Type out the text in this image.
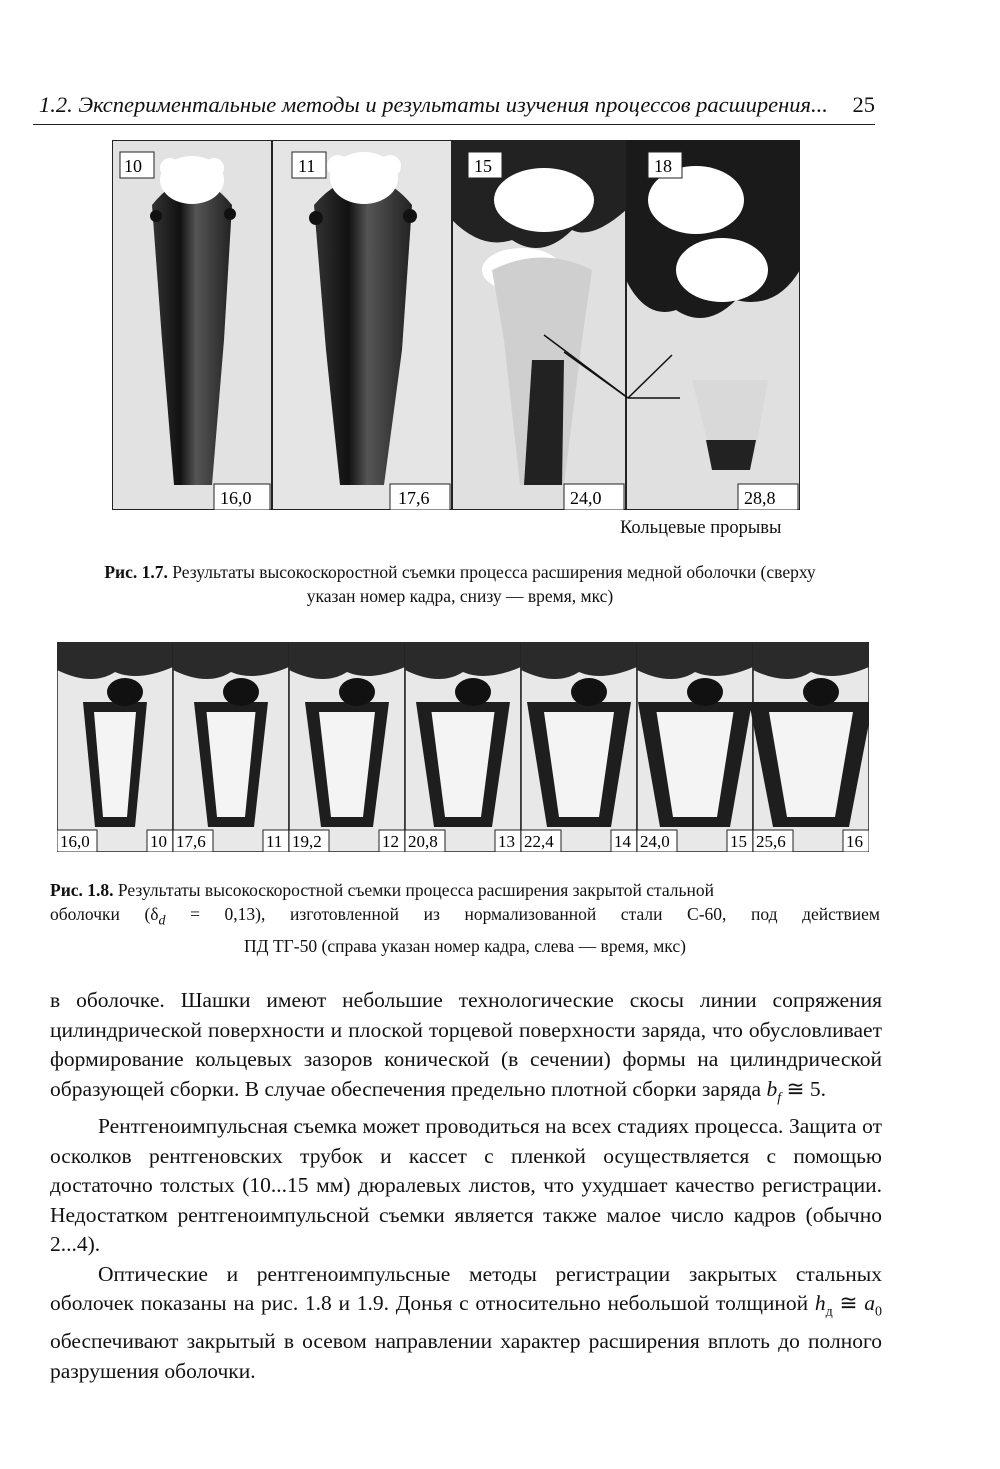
1.2. Экспериментальные методы и результаты изучения процессов расширения... 25
10
16,0
11
17,6
15
24,0
18
28,8
Кольцевые прорывы
Рис. 1.7. Результаты высокоскоростной съемки процесса расширения медной оболочки (сверху указан номер кадра, снизу — время, мкс)
16,0	10 17,6	11 19,2	12 20,8	13 22,4	14 24,0	15 25,6	16
Рис. 1.8. Результаты высокоскоростной съемки процесса расширения закрытой стальной
оболочки $(\delta_d = 0,13)$, изготовленной из нормализованной стали С-60, под действием
ПД ТГ-50 (справа указан номер кадра, слева — время, мкс)

в оболочке. Шашки имеют небольшие технологические скосы линии сопряжения цилиндрической поверхности и плоской торцевой поверхности заряда, что обусловливает формирование кольцевых зазоров конической (в сечении) формы на цилиндрической образующей сборки. В случае обеспечения предельно плотной сборки заряда $b_f$ ≅ 5.

Рентгеноимпульсная съемка может проводиться на всех стадиях процесса. Защита от осколков рентгеновских трубок и кассет с пленкой осуществляется с помощью достаточно толстых (10...15 мм) дюралевых листов, что ухудшает качество регистрации. Недостатком рентгеноимпульсной съемки является также малое число кадров (обычно 2...4).

Оптические и рентгеноимпульсные методы регистрации закрытых стальных оболочек показаны на рис. 1.8 и 1.9. Донья с относительно небольшой толщиной $h_д$ ≅ $a_0$ обеспечивают закрытый в осевом направлении характер расширения вплоть до полного разрушения оболочки.
